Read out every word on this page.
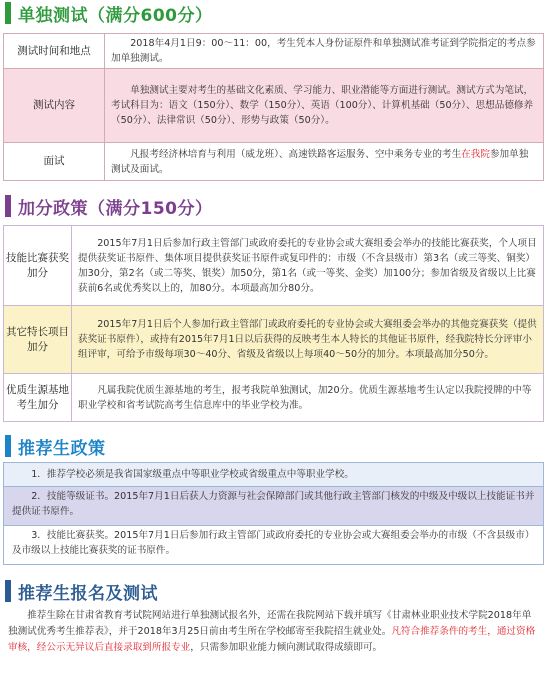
单独测试（满分600分）
测试时间和地点	2018年4月1日9：00～11：00，考生凭本人身份证原件和单独测试准考证到学院指定的考点参加单独测试。
测试内容	单独测试主要对考生的基础文化素质、学习能力、职业潜能等方面进行测试。测试方式为笔试，考试科目为：语文（150分）、数学（150分）、英语（100分）、计算机基础（50分）、思想品德修养（50分）、法律常识（50分）、形势与政策（50分）。
面试	凡报考经济林培育与利用（威龙班）、高速铁路客运服务、空中乘务专业的考生在我院参加单独测试及面试。
加分政策（满分150分）
技能比赛获奖加分	2015年7月1日后参加行政主管部门或政府委托的专业协会或大赛组委会举办的技能比赛获奖，个人项目提供获奖证书原件、集体项目提供获奖证书原件或复印件的：市级（不含县级市）第3名（或三等奖、铜奖）加30分，第2名（或二等奖、银奖）加50分，第1名（或一等奖、金奖）加100分；参加省级及省级以上比赛获前6名或优秀奖以上的，加80分。本项最高加分80分。
其它特长项目加分	2015年7月1日后个人参加行政主管部门或政府委托的专业协会或大赛组委会举办的其他竞赛获奖（提供获奖证书原件），或持有2015年7月1日以后获得的反映考生本人特长的其他证书原件，经我院特长分评审小组评审，可给予市级每项30～40分、省级及省级以上每项40～50分的加分。本项最高加分50分。
优质生源基地考生加分	凡属我院优质生源基地的考生，报考我院单独测试，加20分。优质生源基地考生认定以我院授牌的中等职业学校和省考试院高考生信息库中的毕业学校为准。
推荐生政策
1．推荐学校必须是我省国家级重点中等职业学校或省级重点中等职业学校。
2．技能等级证书。2015年7月1日后获人力资源与社会保障部门或其他行政主管部门核发的中级及中级以上技能证书并提供证书原件。
3．技能比赛获奖。2015年7月1日后参加行政主管部门或政府委托的专业协会或大赛组委会举办的市级（不含县级市）及市级以上技能比赛获奖的证书原件。
推荐生报名及测试
推荐生除在甘肃省教育考试院网站进行单独测试报名外，还需在我院网站下载并填写《甘肃林业职业技术学院2018年单独测试优秀考生推荐表》，并于2018年3月25日前由考生所在学校邮寄至我院招生就业处。凡符合推荐条件的考生，通过资格审核，经公示无异议后直接录取到所报专业，只需参加职业能力倾向测试取得成绩即可。
